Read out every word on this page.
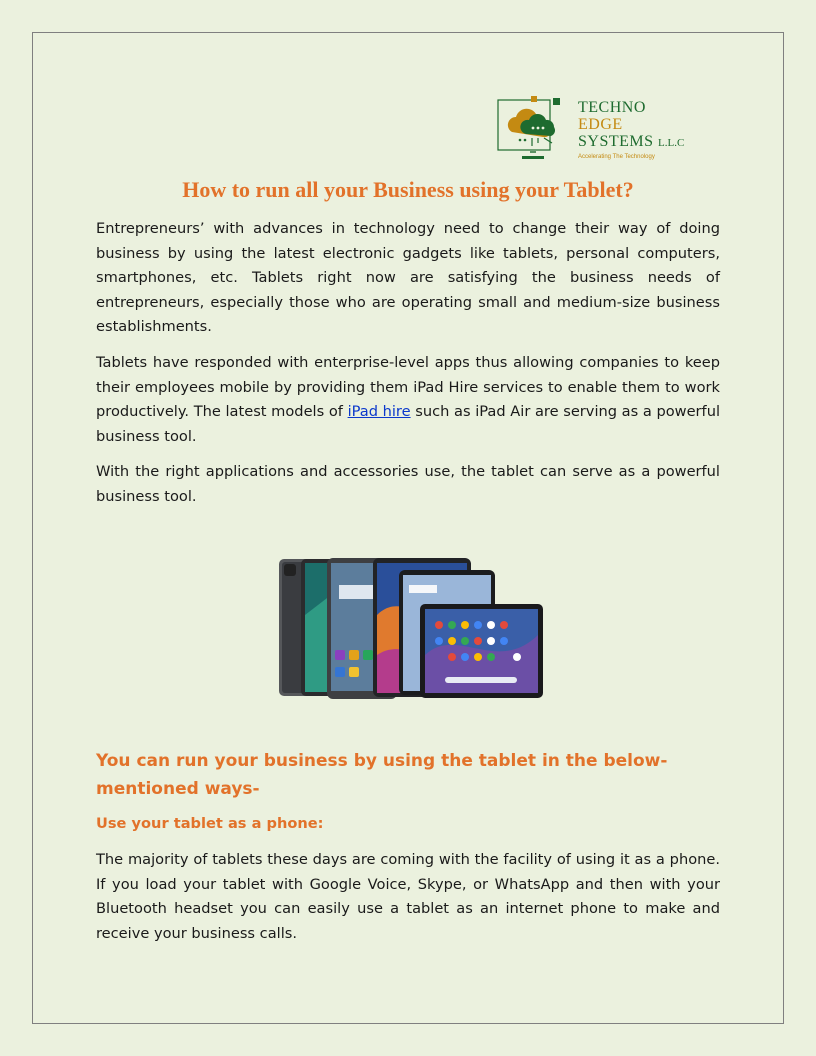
TECHNO
EDGE
SYSTEMS L.L.C
Accelerating The Technology
How to run all your Business using your Tablet?

Entrepreneurs’ with advances in technology need to change their way of doing business by using the latest electronic gadgets like tablets, personal computers, smartphones, etc. Tablets right now are satisfying the business needs of entrepreneurs, especially those who are operating small and medium-size business establishments.

Tablets have responded with enterprise-level apps thus allowing companies to keep their employees mobile by providing them iPad Hire services to enable them to work productively. The latest models of iPad hire such as iPad Air are serving as a powerful business tool.

With the right applications and accessories use, the tablet can serve as a powerful business tool.

You can run your business by using the tablet in the below-mentioned ways-
Use your tablet as a phone:

The majority of tablets these days are coming with the facility of using it as a phone. If you load your tablet with Google Voice, Skype, or WhatsApp and then with your Bluetooth headset you can easily use a tablet as an internet phone to make and receive your business calls.
